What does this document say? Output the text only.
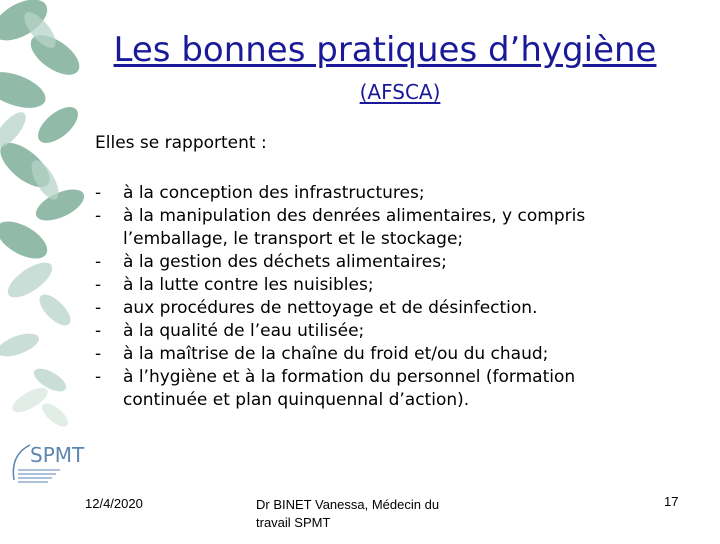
SPMT
Les bonnes pratiques d’hygiène
(AFSCA)
Elles se rapportent :
- à la conception des infrastructures;
- à la manipulation des denrées alimentaires, y compris l’emballage, le transport et le stockage;
- à la gestion des déchets alimentaires;
- à la lutte contre les nuisibles;
- aux procédures de nettoyage et de désinfection.
- à la qualité de l’eau utilisée;
- à la maîtrise de la chaîne du froid et/ou du chaud;
- à l’hygiène et à la formation du personnel (formation continuée et plan quinquennal d’action).
12/4/2020	Dr BINET Vanessa, Médecin du travail SPMT
17
